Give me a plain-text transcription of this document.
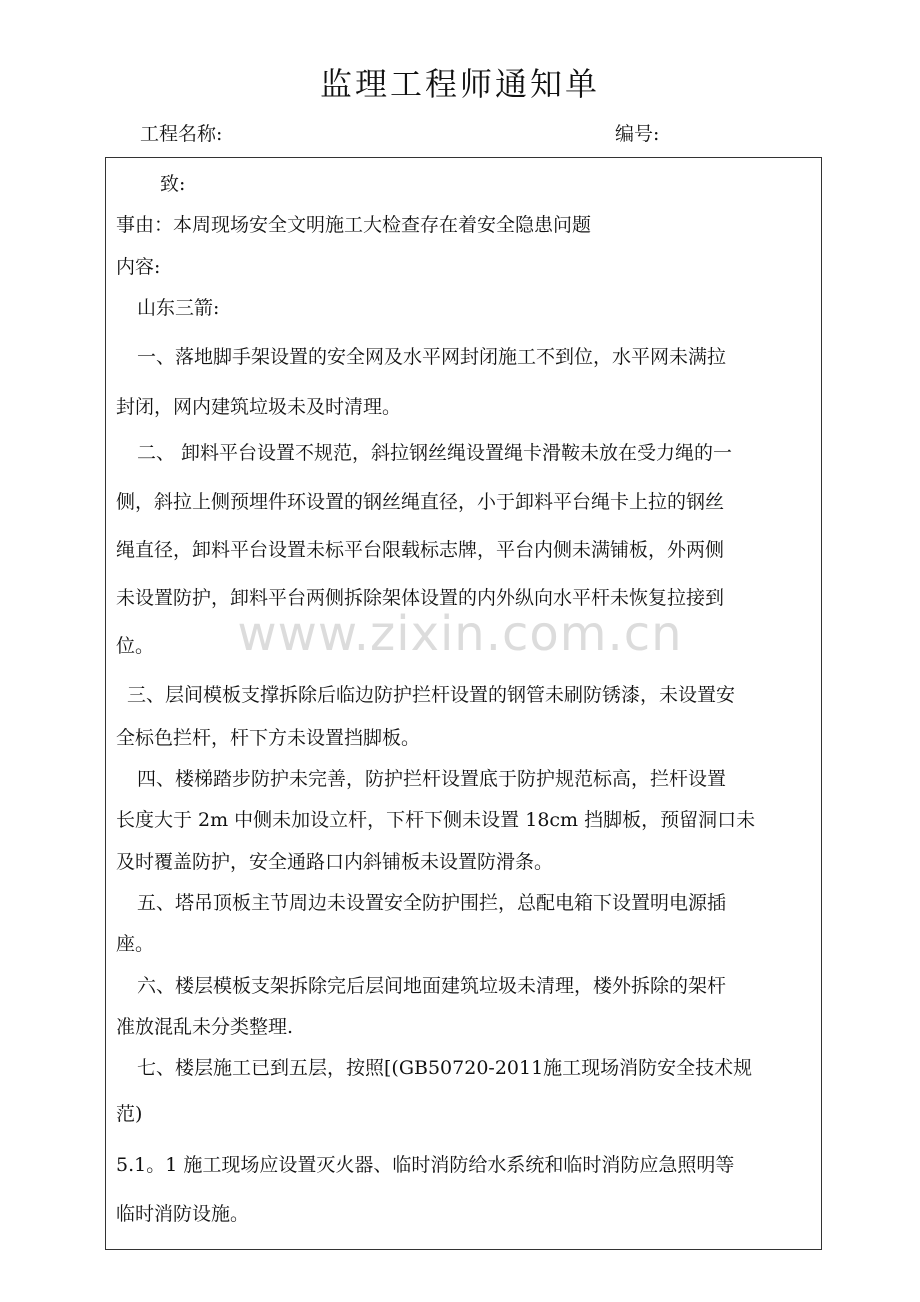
监理工程师通知单
工程名称:	编号:
www.zixin.com.cn
致:
事由：本周现场安全文明施工大检查存在着安全隐患问题
内容:
山东三箭:
一、落地脚手架设置的安全网及水平网封闭施工不到位，水平网未满拉
封闭，网内建筑垃圾未及时清理。
二、 卸料平台设置不规范，斜拉钢丝绳设置绳卡滑鞍未放在受力绳的一
侧，斜拉上侧预埋件环设置的钢丝绳直径，小于卸料平台绳卡上拉的钢丝
绳直径，卸料平台设置未标平台限载标志牌，平台内侧未满铺板，外两侧
未设置防护，卸料平台两侧拆除架体设置的内外纵向水平杆未恢复拉接到
位。
三、层间模板支撑拆除后临边防护拦杆设置的钢管未刷防锈漆，未设置安
全标色拦杆，杆下方未设置挡脚板。
四、楼梯踏步防护未完善，防护拦杆设置底于防护规范标高，拦杆设置
长度大于 2m 中侧未加设立杆，下杆下侧未设置 18cm 挡脚板，预留洞口未
及时覆盖防护，安全通路口内斜铺板未设置防滑条。
五、塔吊顶板主节周边未设置安全防护围拦，总配电箱下设置明电源插
座。
六、楼层模板支架拆除完后层间地面建筑垃圾未清理，楼外拆除的架杆
准放混乱未分类整理.
七、楼层施工已到五层，按照[(GB50720-2011施工现场消防安全技术规
范)
5.1。1 施工现场应设置灭火器、临时消防给水系统和临时消防应急照明等
临时消防设施。
